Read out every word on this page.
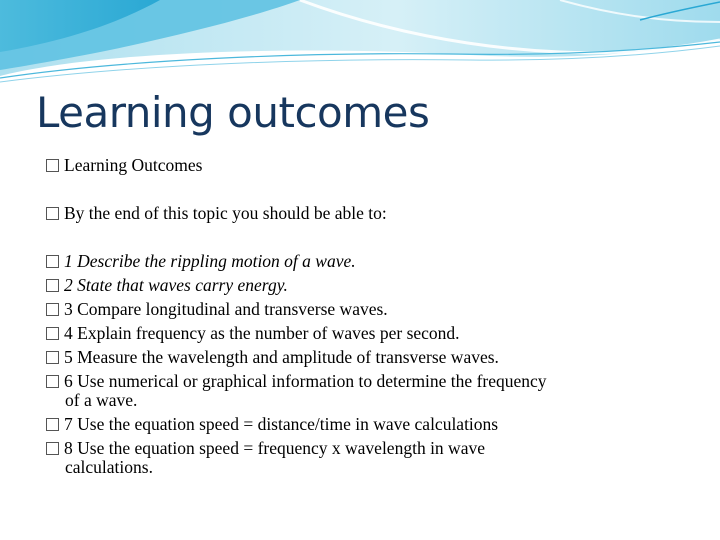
Learning outcomes
Learning Outcomes
By the end of this topic you should be able to:
1 Describe the rippling motion of a wave.
2 State that waves carry energy.
3 Compare longitudinal and transverse waves.
4 Explain frequency as the number of waves per second.
5 Measure the wavelength and amplitude of transverse waves.
6 Use numerical or graphical information to determine the frequency
of a wave.
7 Use the equation speed = distance/time in wave calculations
8 Use the equation speed = frequency x wavelength in wave
calculations.
